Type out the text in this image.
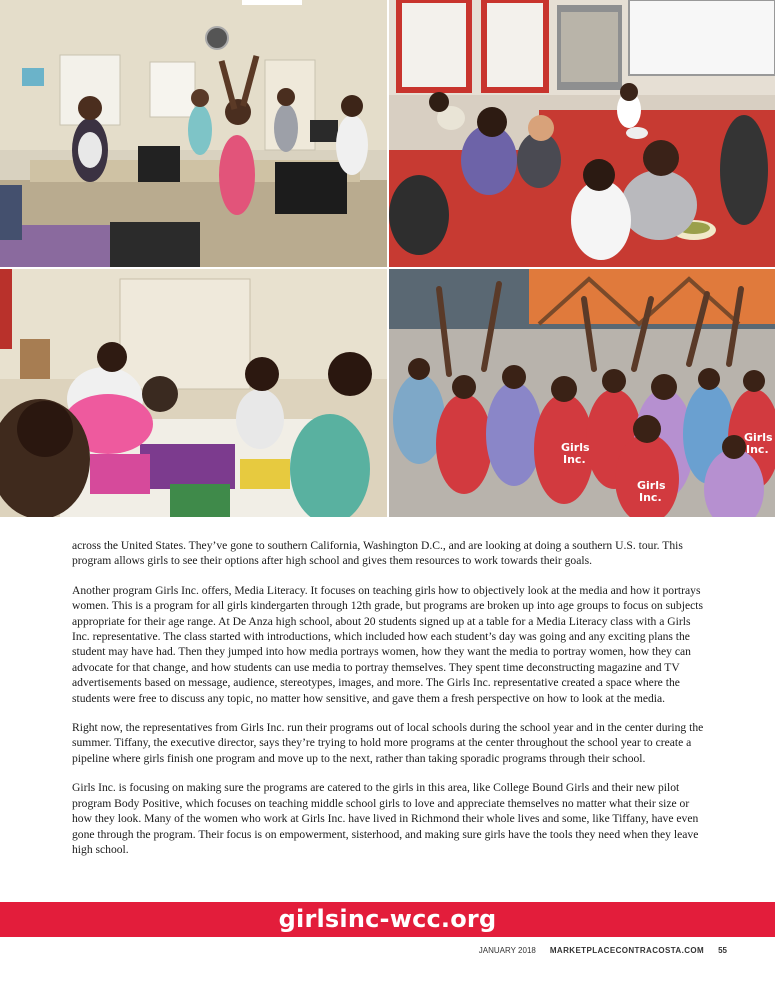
Girls
Inc.
Girls
Inc.
Girls
Inc.

across the United States. They’ve gone to southern California, Washington D.C., and are looking at doing a southern U.S. tour. This program allows girls to see their options after high school and gives them resources to work towards their goals.

Another program Girls Inc. offers, Media Literacy. It focuses on teaching girls how to objectively look at the media and how it portrays women. This is a program for all girls kindergarten through 12th grade, but programs are broken up into age groups to focus on subjects appropriate for their age range. At De Anza high school, about 20 students signed up at a table for a Media Literacy class with a Girls Inc. representative. The class started with introductions, which included how each student’s day was going and any exciting plans the student may have had. Then they jumped into how media portrays women, how they want the media to portray women, how they can advocate for that change, and how students can use media to portray themselves. They spent time deconstructing magazine and TV advertisements based on message, audience, stereotypes, images, and more. The Girls Inc. representative created a space where the students were free to discuss any topic, no matter how sensitive, and gave them a fresh perspective on how to look at the media.

Right now, the representatives from Girls Inc. run their programs out of local schools during the school year and in the center during the summer. Tiffany, the executive director, says they’re trying to hold more programs at the center throughout the school year to create a pipeline where girls finish one program and move up to the next, rather than taking sporadic programs through their school.

Girls Inc. is focusing on making sure the programs are catered to the girls in this area, like College Bound Girls and their new pilot program Body Positive, which focuses on teaching middle school girls to love and appreciate themselves no matter what their size or how they look. Many of the women who work at Girls Inc. have lived in Richmond their whole lives and some, like Tiffany, have even gone through the program. Their focus is on empowerment, sisterhood, and making sure girls have the tools they need when they leave high school.

girlsinc-wcc.org
JANUARY 2018 MARKETPLACECONTRACOSTA.COM 55
